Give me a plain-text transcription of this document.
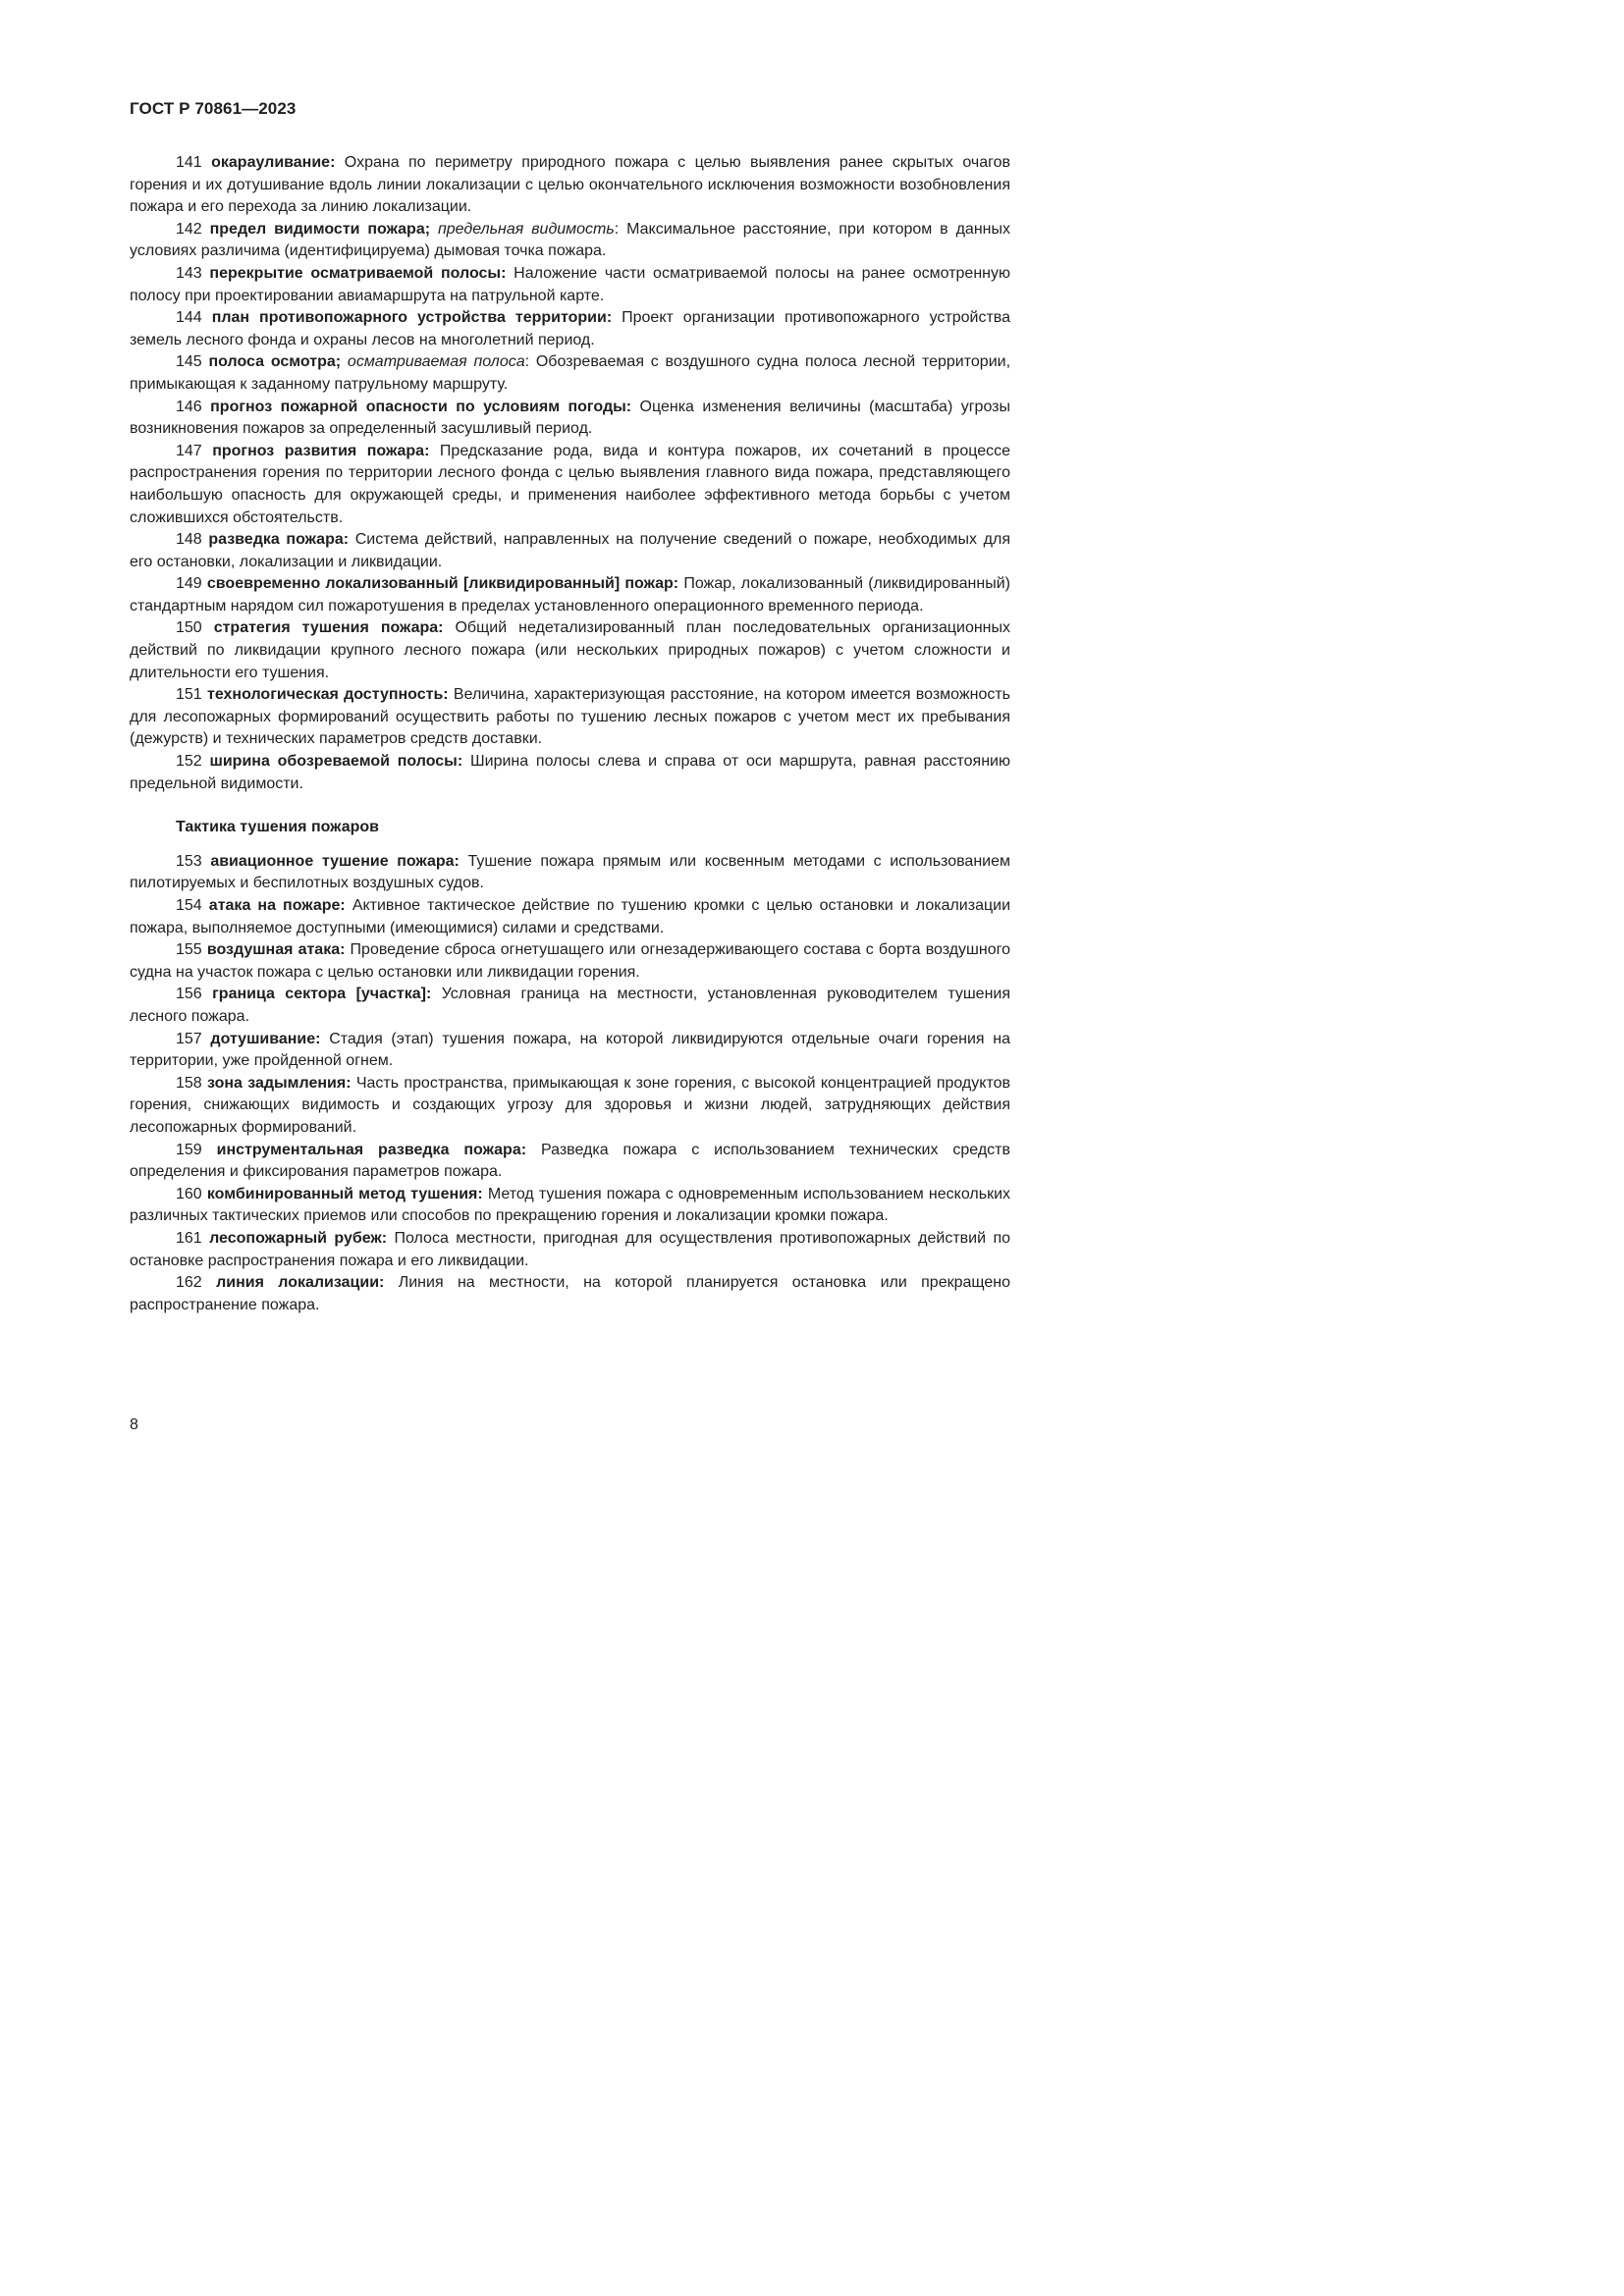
ГОСТ Р 70861—2023

141 окарауливание: Охрана по периметру природного пожара с целью выявления ранее скрытых очагов горения и их дотушивание вдоль линии локализации с целью окончательного исключения возможности возобновления пожара и его перехода за линию локализации.

142 предел видимости пожара; предельная видимость: Максимальное расстояние, при котором в данных условиях различима (идентифицируема) дымовая точка пожара.

143 перекрытие осматриваемой полосы: Наложение части осматриваемой полосы на ранее осмотренную полосу при проектировании авиамаршрута на патрульной карте.

144 план противопожарного устройства территории: Проект организации противопожарного устройства земель лесного фонда и охраны лесов на многолетний период.

145 полоса осмотра; осматриваемая полоса: Обозреваемая с воздушного судна полоса лесной территории, примыкающая к заданному патрульному маршруту.

146 прогноз пожарной опасности по условиям погоды: Оценка изменения величины (масштаба) угрозы возникновения пожаров за определенный засушливый период.

147 прогноз развития пожара: Предсказание рода, вида и контура пожаров, их сочетаний в процессе распространения горения по территории лесного фонда с целью выявления главного вида пожара, представляющего наибольшую опасность для окружающей среды, и применения наиболее эффективного метода борьбы с учетом сложившихся обстоятельств.

148 разведка пожара: Система действий, направленных на получение сведений о пожаре, необходимых для его остановки, локализации и ликвидации.

149 своевременно локализованный [ликвидированный] пожар: Пожар, локализованный (ликвидированный) стандартным нарядом сил пожаротушения в пределах установленного операционного временного периода.

150 стратегия тушения пожара: Общий недетализированный план последовательных организационных действий по ликвидации крупного лесного пожара (или нескольких природных пожаров) с учетом сложности и длительности его тушения.

151 технологическая доступность: Величина, характеризующая расстояние, на котором имеется возможность для лесопожарных формирований осуществить работы по тушению лесных пожаров с учетом мест их пребывания (дежурств) и технических параметров средств доставки.

152 ширина обозреваемой полосы: Ширина полосы слева и справа от оси маршрута, равная расстоянию предельной видимости.

Тактика тушения пожаров

153 авиационное тушение пожара: Тушение пожара прямым или косвенным методами с использованием пилотируемых и беспилотных воздушных судов.

154 атака на пожаре: Активное тактическое действие по тушению кромки с целью остановки и локализации пожара, выполняемое доступными (имеющимися) силами и средствами.

155 воздушная атака: Проведение сброса огнетушащего или огнезадерживающего состава с борта воздушного судна на участок пожара с целью остановки или ликвидации горения.

156 граница сектора [участка]: Условная граница на местности, установленная руководителем тушения лесного пожара.

157 дотушивание: Стадия (этап) тушения пожара, на которой ликвидируются отдельные очаги горения на территории, уже пройденной огнем.

158 зона задымления: Часть пространства, примыкающая к зоне горения, с высокой концентрацией продуктов горения, снижающих видимость и создающих угрозу для здоровья и жизни людей, затрудняющих действия лесопожарных формирований.

159 инструментальная разведка пожара: Разведка пожара с использованием технических средств определения и фиксирования параметров пожара.

160 комбинированный метод тушения: Метод тушения пожара с одновременным использованием нескольких различных тактических приемов или способов по прекращению горения и локализации кромки пожара.

161 лесопожарный рубеж: Полоса местности, пригодная для осуществления противопожарных действий по остановке распространения пожара и его ликвидации.

162 линия локализации: Линия на местности, на которой планируется остановка или прекращено распространение пожара.

8
